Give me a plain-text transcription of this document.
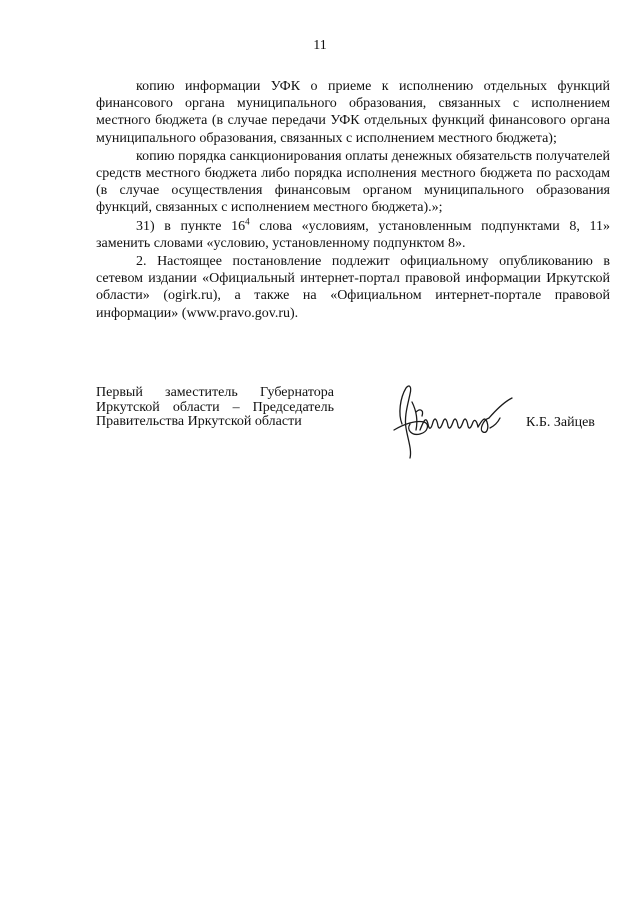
11

копию информации УФК о приеме к исполнению отдельных функций финансового органа муниципального образования, связанных с исполнением местного бюджета (в случае передачи УФК отдельных функций финансового органа муниципального образования, связанных с исполнением местного бюджета);

копию порядка санкционирования оплаты денежных обязательств получателей средств местного бюджета либо порядка исполнения местного бюджета по расходам (в случае осуществления финансовым органом муниципального образования функций, связанных с исполнением местного бюджета).»;

31) в пункте $16^4$ слова «условиям, установленным подпунктами 8, 11» заменить словами «условию, установленному подпунктом 8».

2. Настоящее постановление подлежит официальному опубликованию в сетевом издании «Официальный интернет-портал правовой информации Иркутской области» (ogirk.ru), а также на «Официальном интернет-портале правовой информации» (www.pravo.gov.ru).

Первый заместитель Губернатора
Иркутской области – Председатель
Правительства Иркутской области	К.Б. Зайцев
